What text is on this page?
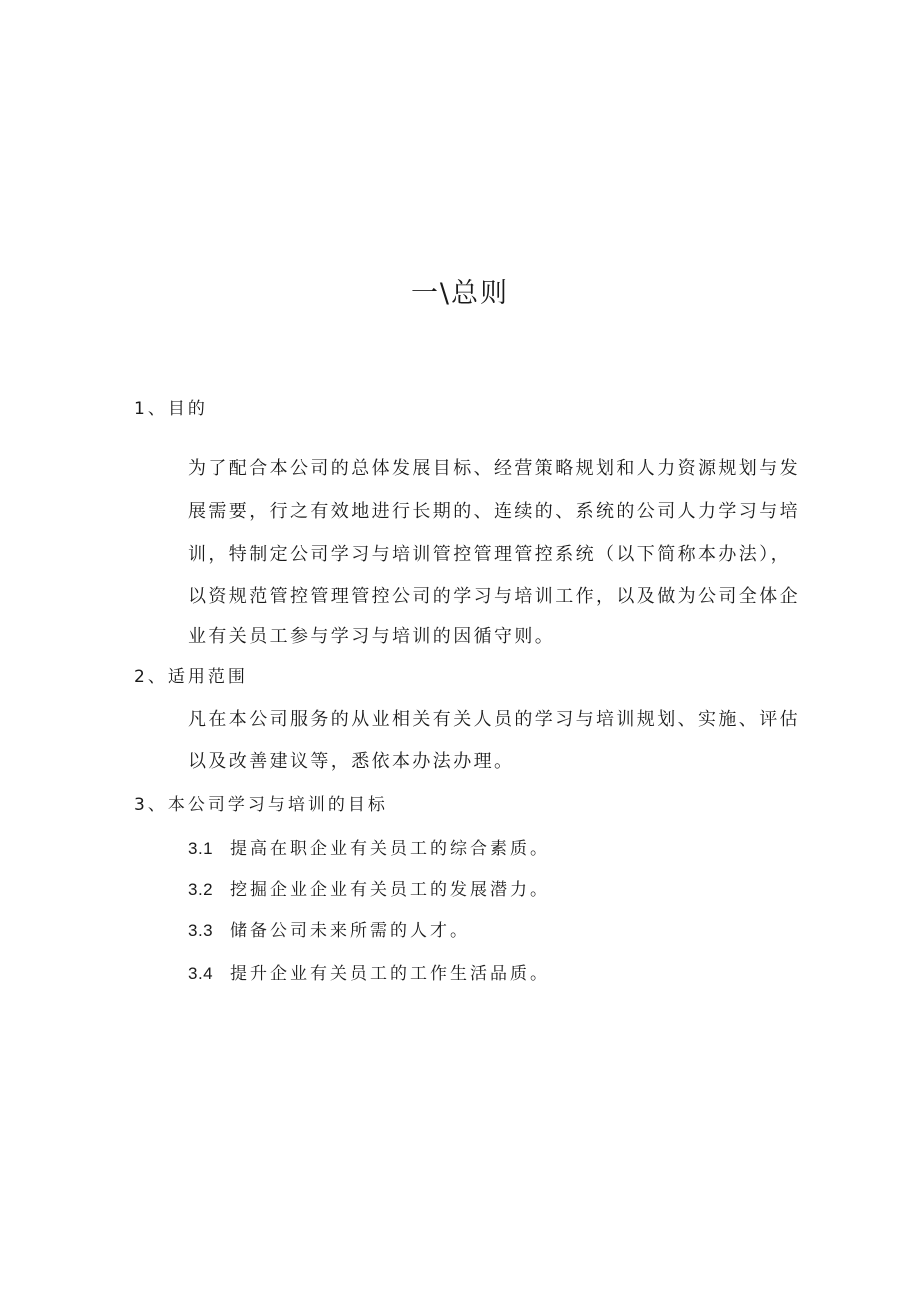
一\总则
1、目的
为了配合本公司的总体发展目标、经营策略规划和人力资源规划与发
展需要，行之有效地进行长期的、连续的、系统的公司人力学习与培
训，特制定公司学习与培训管控管理管控系统（以下简称本办法），
以资规范管控管理管控公司的学习与培训工作，以及做为公司全体企
业有关员工参与学习与培训的因循守则。
2、适用范围
凡在本公司服务的从业相关有关人员的学习与培训规划、实施、评估
以及改善建议等，悉依本办法办理。
3、本公司学习与培训的目标
3.1 提高在职企业有关员工的综合素质。
3.2 挖掘企业企业有关员工的发展潜力。
3.3 储备公司未来所需的人才。
3.4 提升企业有关员工的工作生活品质。
